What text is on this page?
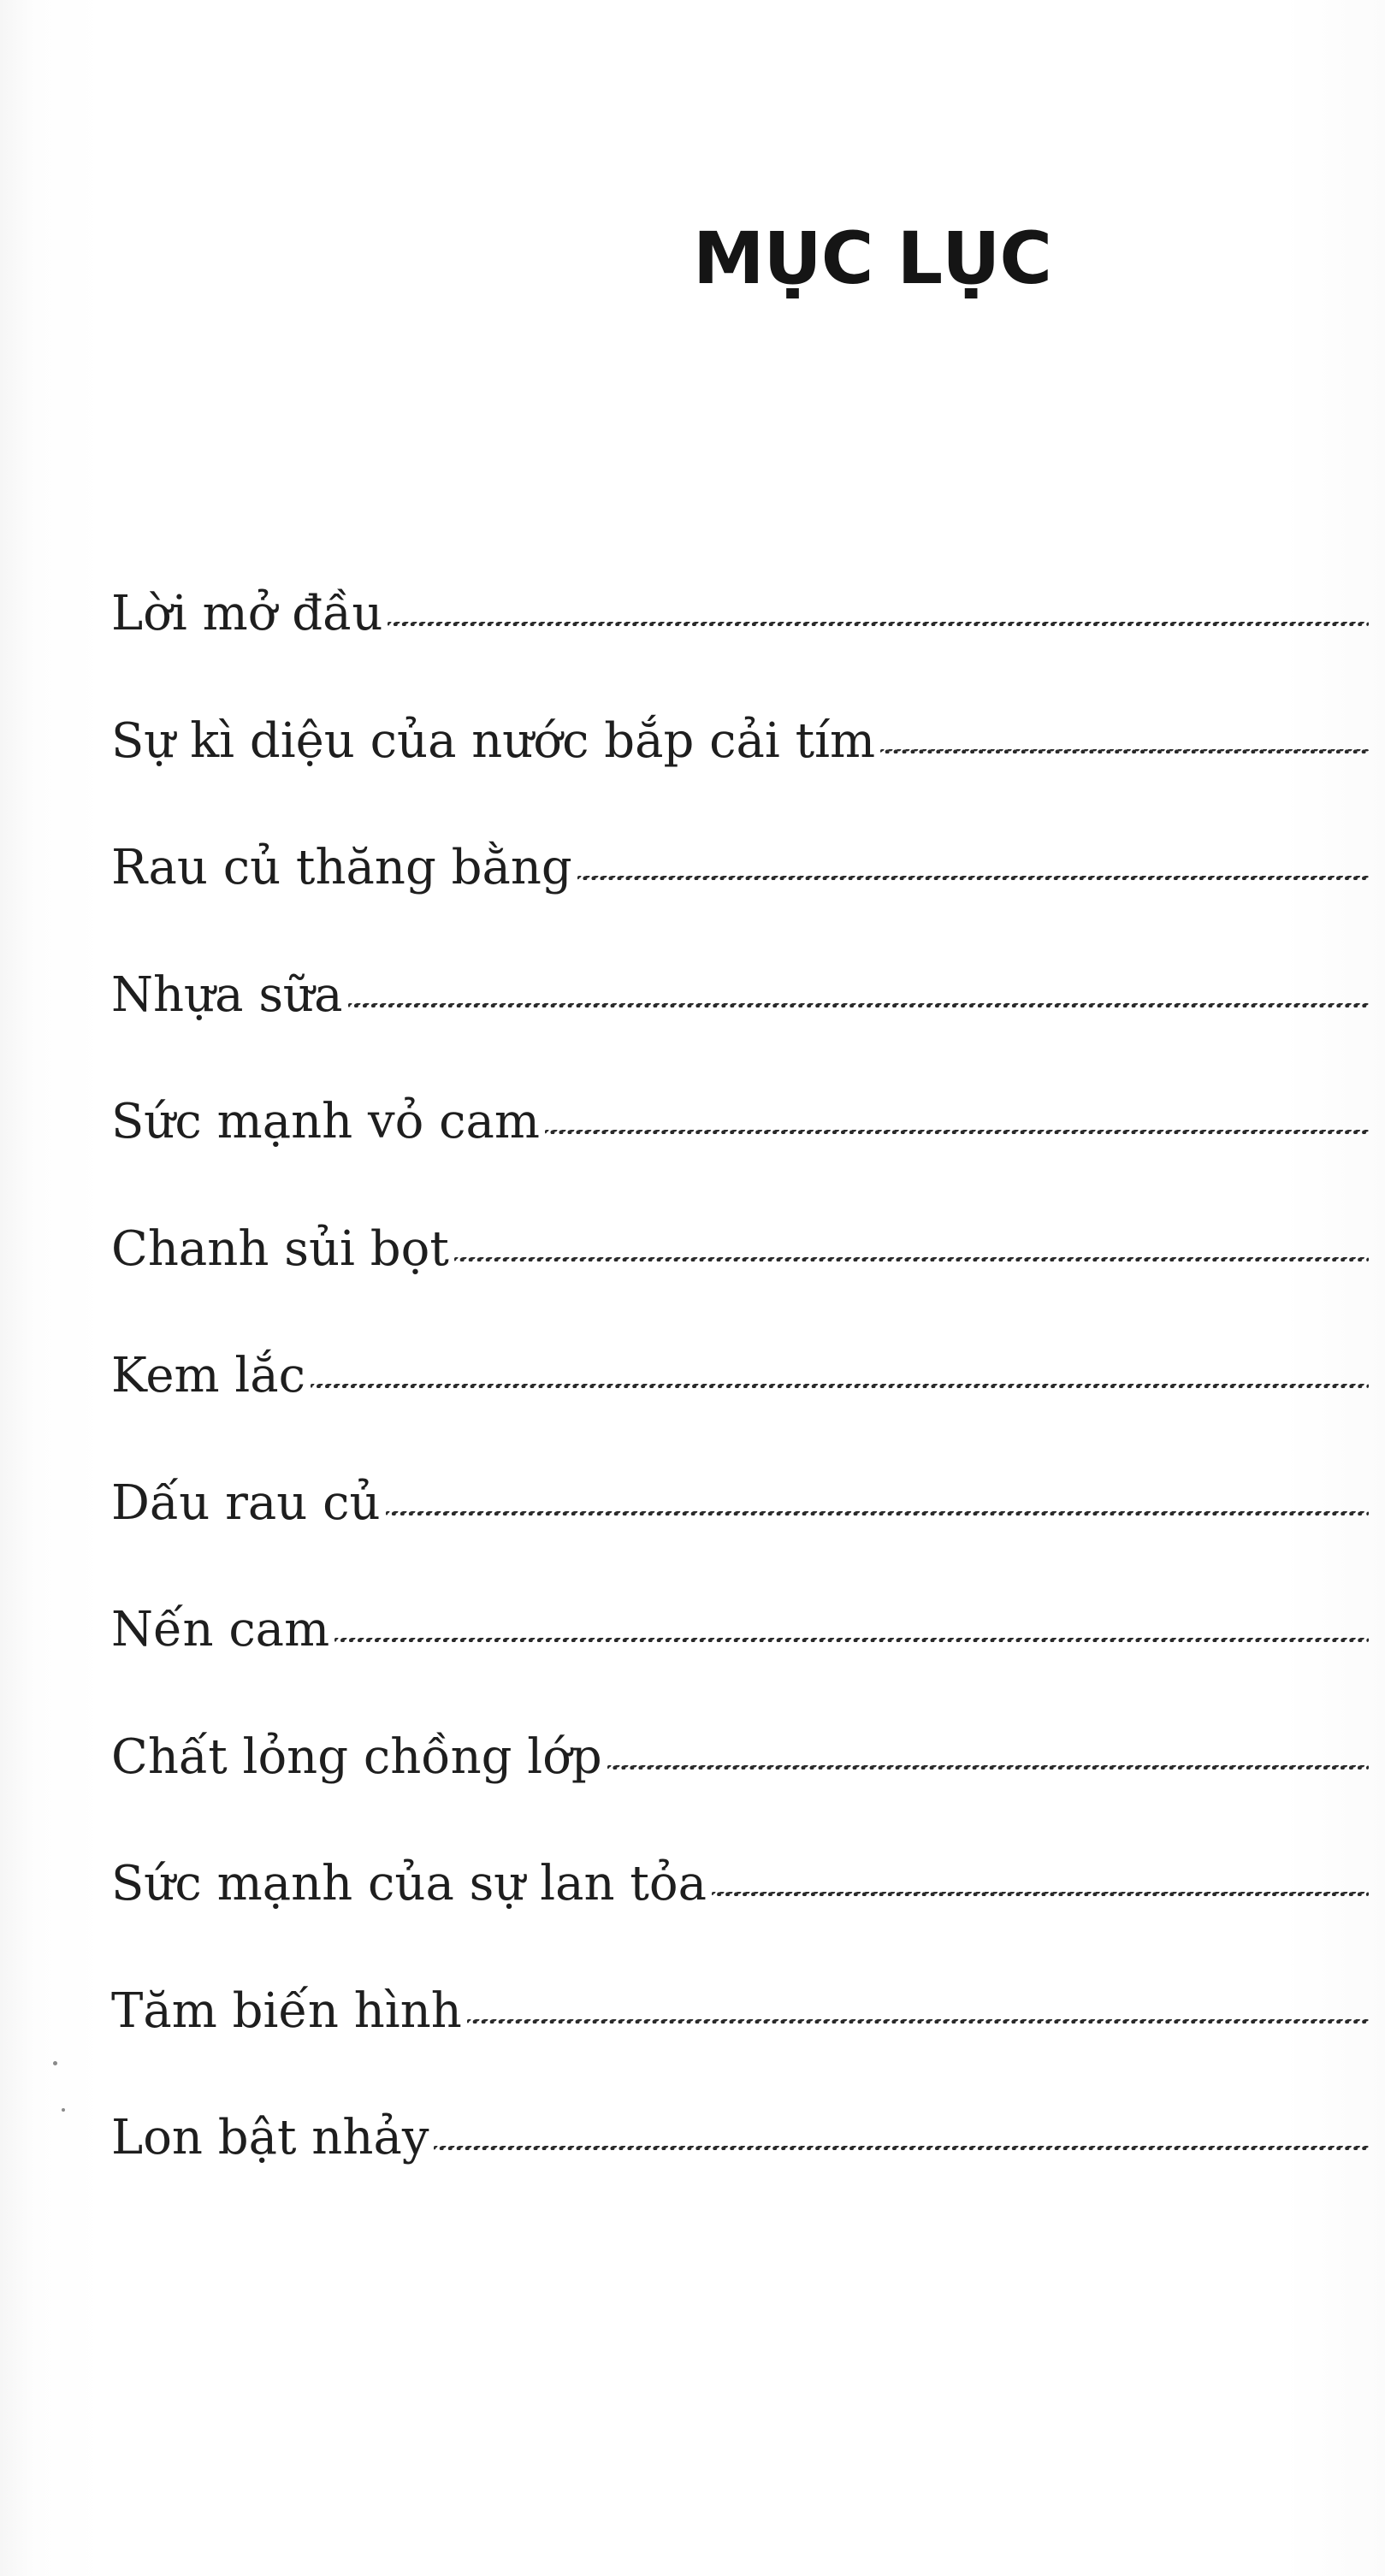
MỤC LỤC
Lời mở đầu
Sự kì diệu của nước bắp cải tím
Rau củ thăng bằng
Nhựa sữa
Sức mạnh vỏ cam
Chanh sủi bọt
Kem lắc
Dấu rau củ
Nến cam
Chất lỏng chồng lớp
Sức mạnh của sự lan tỏa
Tăm biến hình
Lon bật nhảy
